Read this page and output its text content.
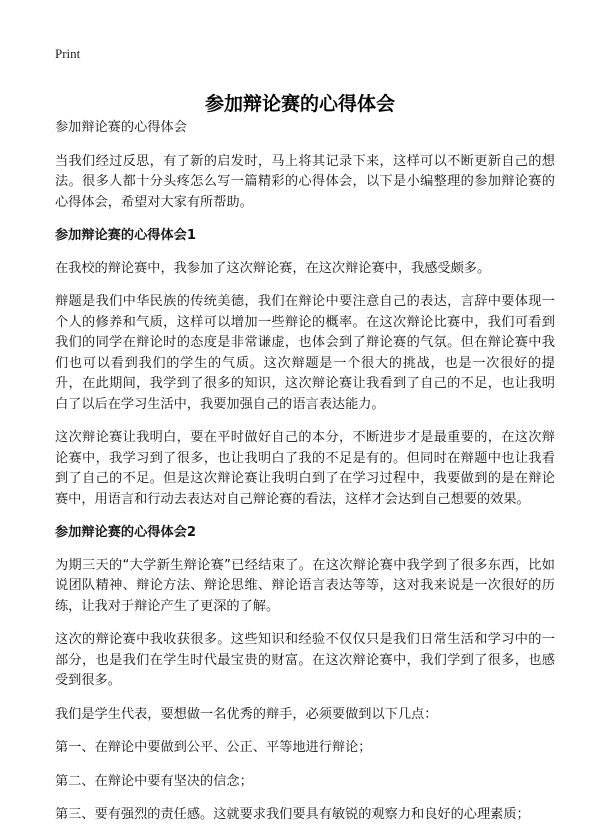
Print
参加辩论赛的心得体会

参加辩论赛的心得体会

当我们经过反思，有了新的启发时，马上将其记录下来，这样可以不断更新自己的想法。很多人都十分头疼怎么写一篇精彩的心得体会，以下是小编整理的参加辩论赛的心得体会，希望对大家有所帮助。

参加辩论赛的心得体会1

在我校的辩论赛中，我参加了这次辩论赛，在这次辩论赛中，我感受颇多。

辩题是我们中华民族的传统美德，我们在辩论中要注意自己的表达，言辞中要体现一个人的修养和气质，这样可以增加一些辩论的概率。在这次辩论比赛中，我们可看到我们的同学在辩论时的态度是非常谦虚，也体会到了辩论赛的气氛。但在辩论赛中我们也可以看到我们的学生的气质。这次辩题是一个很大的挑战，也是一次很好的提升，在此期间，我学到了很多的知识，这次辩论赛让我看到了自己的不足，也让我明白了以后在学习生活中，我要加强自己的语言表达能力。

这次辩论赛让我明白，要在平时做好自己的本分，不断进步才是最重要的，在这次辩论赛中，我学习到了很多，也让我明白了我的不足是有的。但同时在辩题中也让我看到了自己的不足。但是这次辩论赛让我明白到了在学习过程中，我要做到的是在辩论赛中，用语言和行动去表达对自己辩论赛的看法，这样才会达到自己想要的效果。

参加辩论赛的心得体会2

为期三天的“大学新生辩论赛”已经结束了。在这次辩论赛中我学到了很多东西，比如说团队精神、辩论方法、辩论思维、辩论语言表达等等，这对我来说是一次很好的历练，让我对于辩论产生了更深的了解。

这次的辩论赛中我收获很多。这些知识和经验不仅仅只是我们日常生活和学习中的一部分，也是我们在学生时代最宝贵的财富。在这次辩论赛中，我们学到了很多，也感受到很多。

我们是学生代表，要想做一名优秀的辩手，必须要做到以下几点：

第一、在辩论中要做到公平、公正、平等地进行辩论；

第二、在辩论中要有坚决的信念；

第三、要有强烈的责任感。这就要求我们要具有敏锐的观察力和良好的心理素质；
